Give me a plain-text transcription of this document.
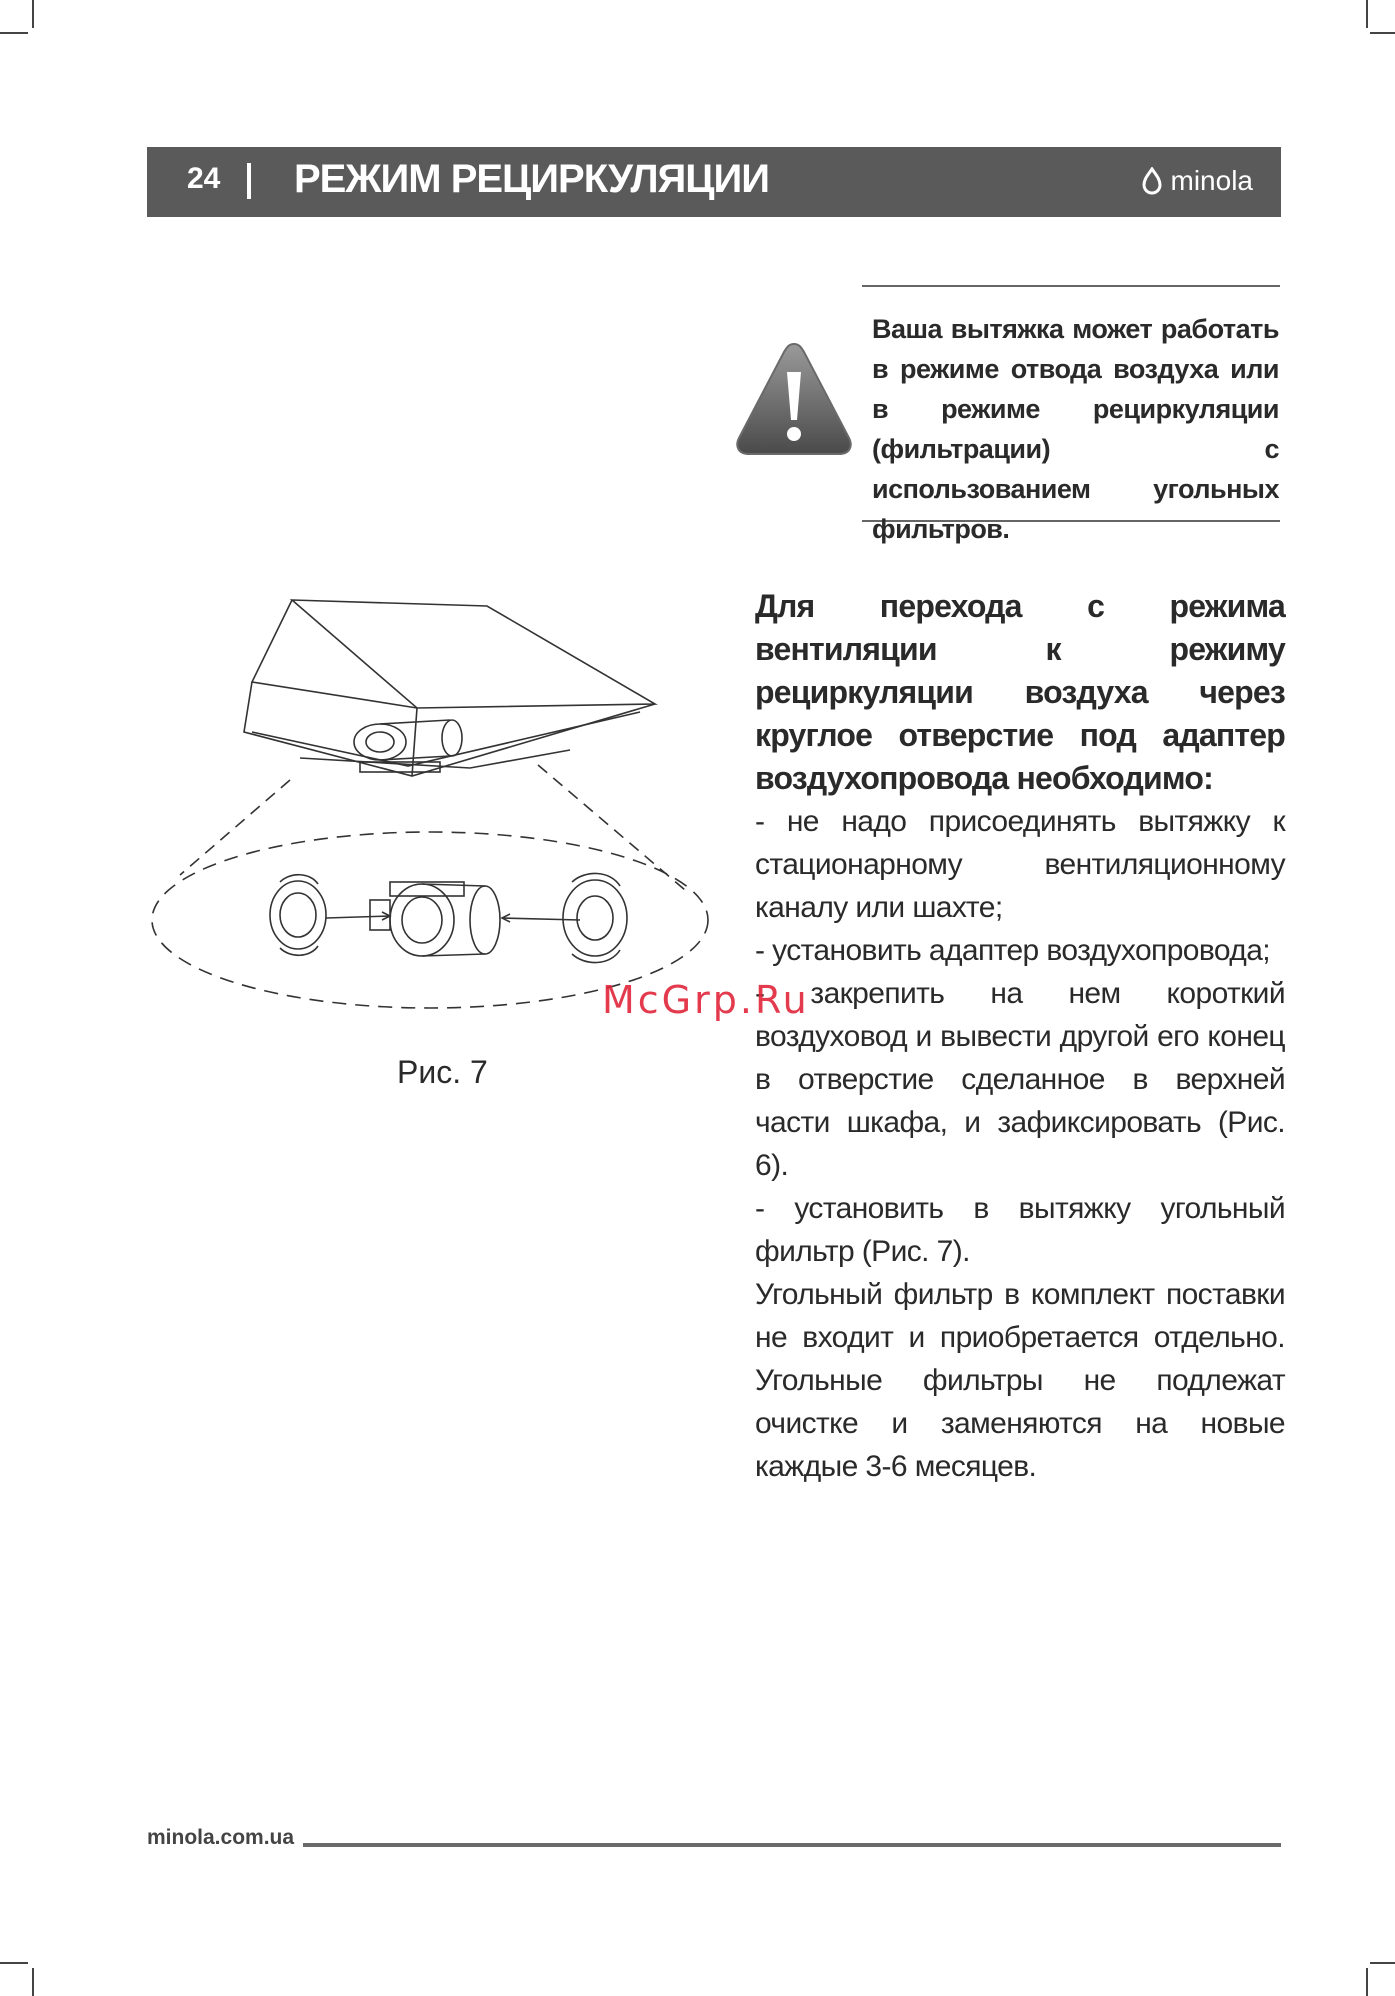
24 РЕЖИМ РЕЦИРКУЛЯЦИИ	minola
Ваша вытяжка может работать в режиме отвода воздуха или в режиме рециркуляции (фильтрации) с использованием угольных фильтров.
Рис. 7

Для перехода с режима вентиляции к режиму рециркуляции воздуха через круглое отверстие под адаптер воздухопровода необходимо:

- не надо присоединять вытяжку к стационарному вентиляционному каналу или шахте;

- установить адаптер воздухопровода;

- закрепить на нем короткий воздуховод и вывести другой его конец в отверстие сделанное в верхней части шкафа, и зафиксировать (Рис. 6).

- установить в вытяжку угольный фильтр (Рис. 7).

Угольный фильтр в комплект поставки не входит и приобретается отдельно. Угольные фильтры не подлежат очистке и заменяются на новые каждые 3-6 месяцев.

McGrp.Ru
minola.com.ua
